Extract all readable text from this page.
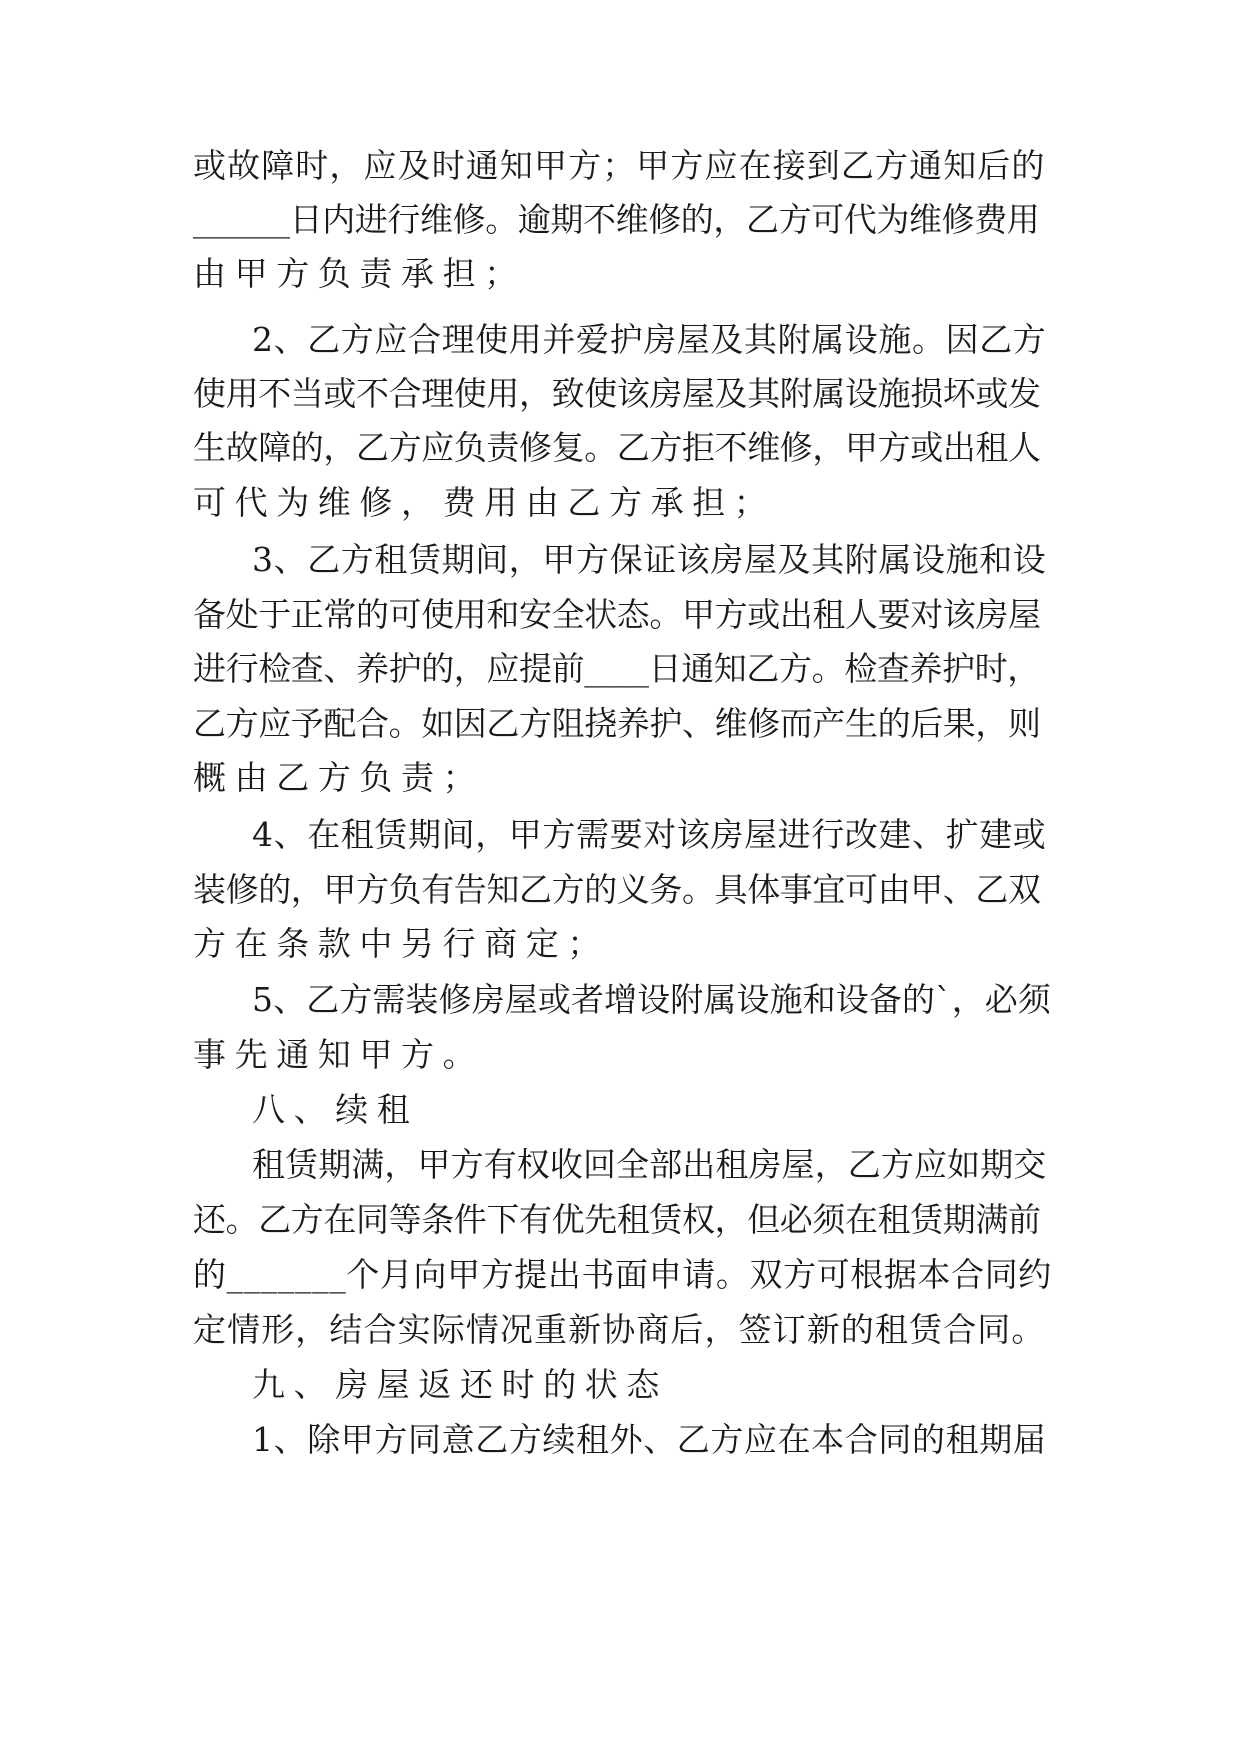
或故障时，应及时通知甲方；甲方应在接到乙方通知后的
______日内进行维修。逾期不维修的，乙方可代为维修费用
由甲方负责承担；
2、乙方应合理使用并爱护房屋及其附属设施。因乙方
使用不当或不合理使用，致使该房屋及其附属设施损坏或发
生故障的，乙方应负责修复。乙方拒不维修，甲方或出租人
可代为维修，费用由乙方承担；
3、乙方租赁期间，甲方保证该房屋及其附属设施和设
备处于正常的可使用和安全状态。甲方或出租人要对该房屋
进行检查、养护的，应提前____日通知乙方。检查养护时，
乙方应予配合。如因乙方阻挠养护、维修而产生的后果，则
概由乙方负责；
4、在租赁期间，甲方需要对该房屋进行改建、扩建或
装修的，甲方负有告知乙方的义务。具体事宜可由甲、乙双
方在条款中另行商定；
5、乙方需装修房屋或者增设附属设施和设备的`，必须
事先通知甲方。
八、续租
租赁期满，甲方有权收回全部出租房屋，乙方应如期交
还。乙方在同等条件下有优先租赁权，但必须在租赁期满前
的_______个月向甲方提出书面申请。双方可根据本合同约
定情形，结合实际情况重新协商后，签订新的租赁合同。
九、房屋返还时的状态
1、除甲方同意乙方续租外、乙方应在本合同的租期届
